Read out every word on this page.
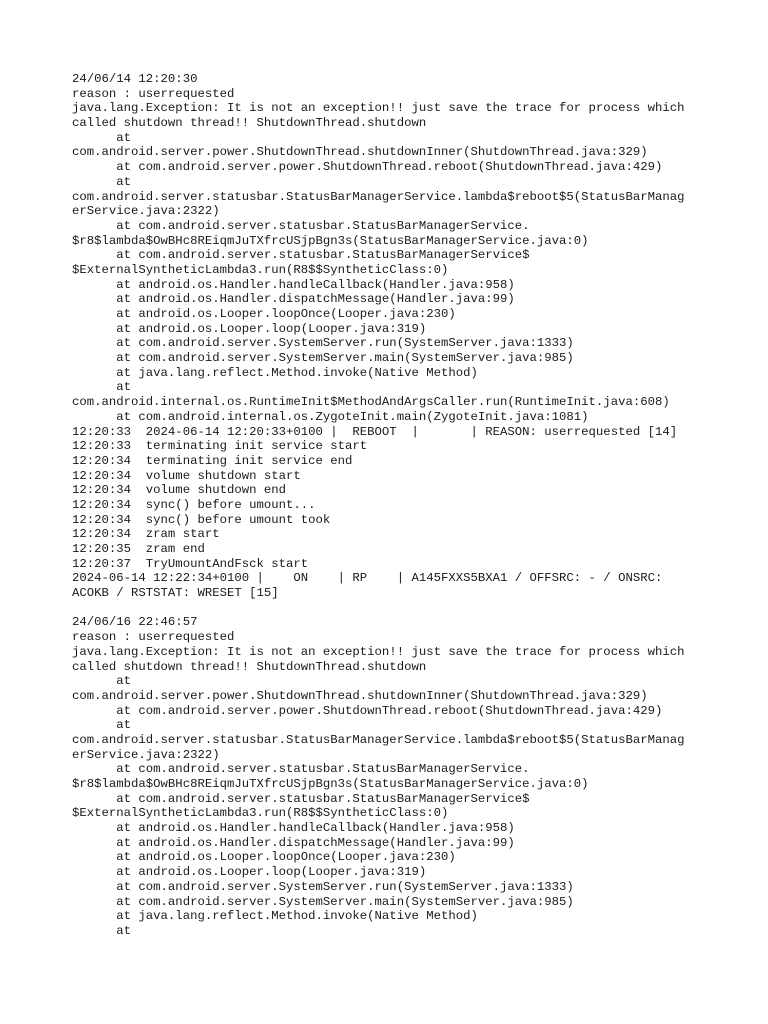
24/06/14 12:20:30
reason : userrequested
java.lang.Exception: It is not an exception!! just save the trace for process which
called shutdown thread!! ShutdownThread.shutdown
at
com.android.server.power.ShutdownThread.shutdownInner(ShutdownThread.java:329)
at com.android.server.power.ShutdownThread.reboot(ShutdownThread.java:429)
at
com.android.server.statusbar.StatusBarManagerService.lambda$reboot$5(StatusBarManag
erService.java:2322)
at com.android.server.statusbar.StatusBarManagerService.
$r8$lambda$OwBHc8REiqmJuTXfrcUSjpBgn3s(StatusBarManagerService.java:0)
at com.android.server.statusbar.StatusBarManagerService$
$ExternalSyntheticLambda3.run(R8$$SyntheticClass:0)
at android.os.Handler.handleCallback(Handler.java:958)
at android.os.Handler.dispatchMessage(Handler.java:99)
at android.os.Looper.loopOnce(Looper.java:230)
at android.os.Looper.loop(Looper.java:319)
at com.android.server.SystemServer.run(SystemServer.java:1333)
at com.android.server.SystemServer.main(SystemServer.java:985)
at java.lang.reflect.Method.invoke(Native Method)
at
com.android.internal.os.RuntimeInit$MethodAndArgsCaller.run(RuntimeInit.java:608)
at com.android.internal.os.ZygoteInit.main(ZygoteInit.java:1081)
12:20:33  2024-06-14 12:20:33+0100 |  REBOOT  |       | REASON: userrequested [14]
12:20:33  terminating init service start
12:20:34  terminating init service end
12:20:34  volume shutdown start
12:20:34  volume shutdown end
12:20:34  sync() before umount...
12:20:34  sync() before umount took
12:20:34  zram start
12:20:35  zram end
12:20:37  TryUmountAndFsck start
2024-06-14 12:22:34+0100 |    ON    | RP    | A145FXXS5BXA1 / OFFSRC: - / ONSRC:
ACOKB / RSTSTAT: WRESET [15]
24/06/16 22:46:57
reason : userrequested
java.lang.Exception: It is not an exception!! just save the trace for process which
called shutdown thread!! ShutdownThread.shutdown
at
com.android.server.power.ShutdownThread.shutdownInner(ShutdownThread.java:329)
at com.android.server.power.ShutdownThread.reboot(ShutdownThread.java:429)
at
com.android.server.statusbar.StatusBarManagerService.lambda$reboot$5(StatusBarManag
erService.java:2322)
at com.android.server.statusbar.StatusBarManagerService.
$r8$lambda$OwBHc8REiqmJuTXfrcUSjpBgn3s(StatusBarManagerService.java:0)
at com.android.server.statusbar.StatusBarManagerService$
$ExternalSyntheticLambda3.run(R8$$SyntheticClass:0)
at android.os.Handler.handleCallback(Handler.java:958)
at android.os.Handler.dispatchMessage(Handler.java:99)
at android.os.Looper.loopOnce(Looper.java:230)
at android.os.Looper.loop(Looper.java:319)
at com.android.server.SystemServer.run(SystemServer.java:1333)
at com.android.server.SystemServer.main(SystemServer.java:985)
at java.lang.reflect.Method.invoke(Native Method)
at
